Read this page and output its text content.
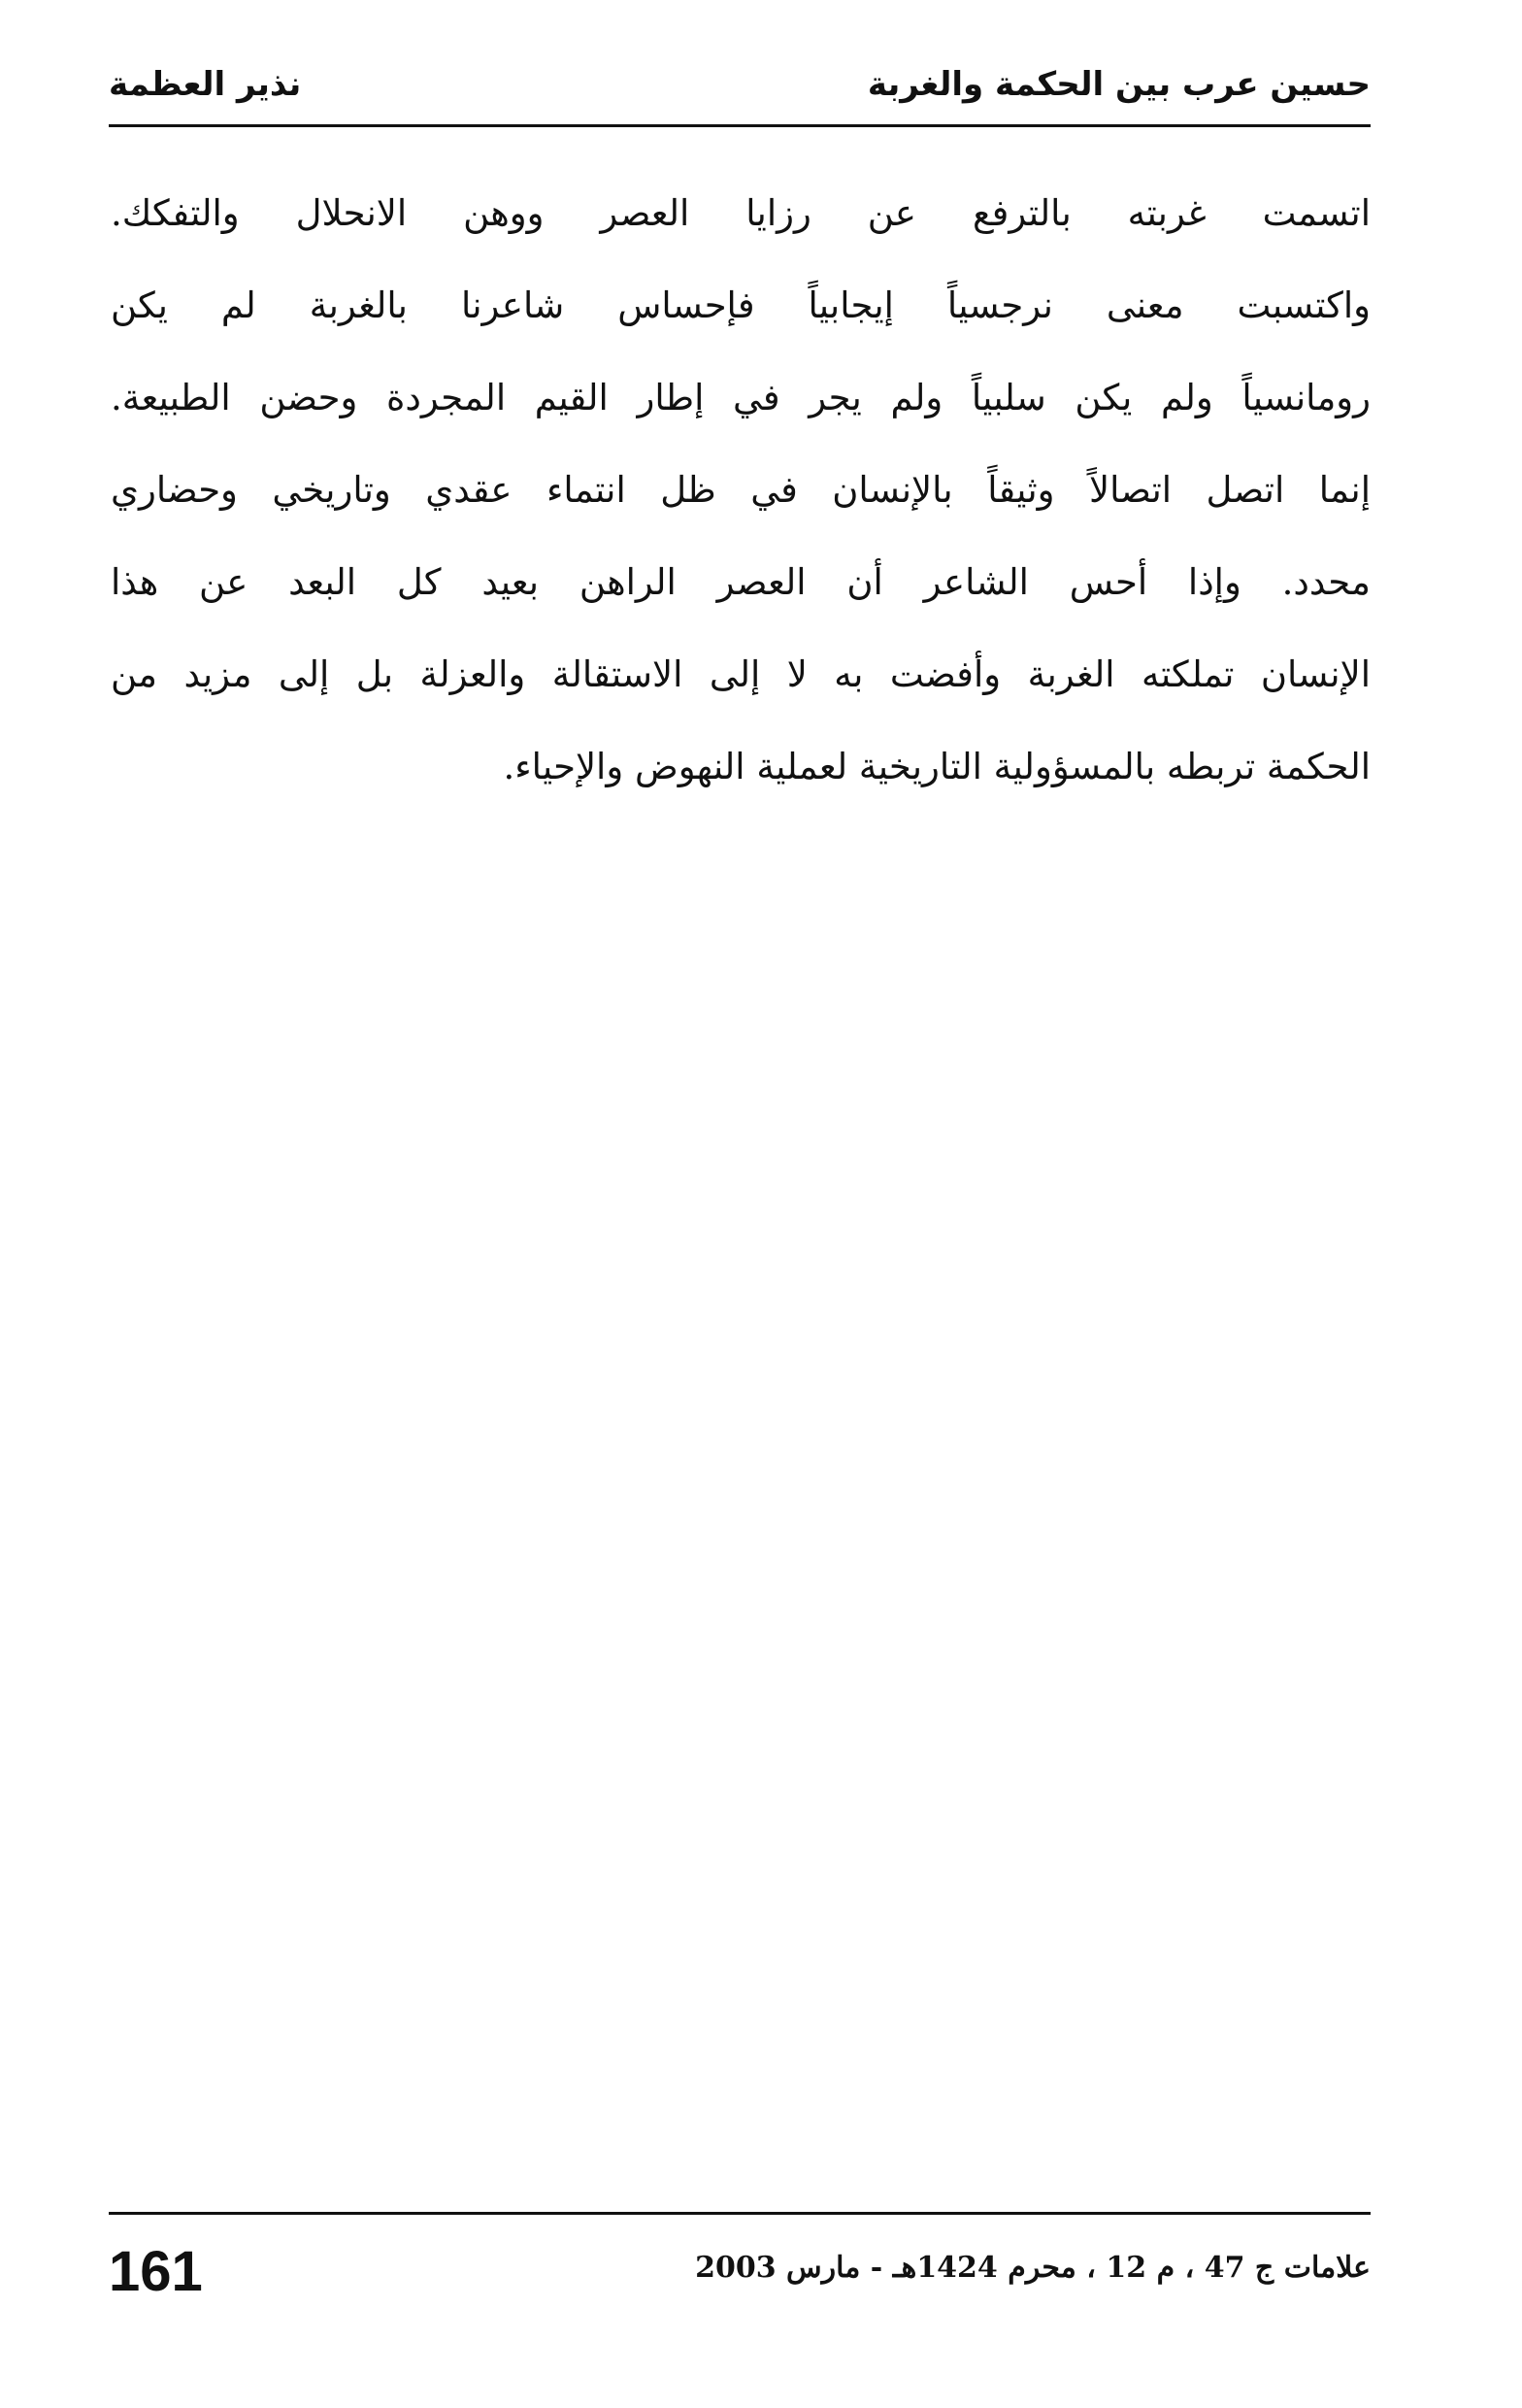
حسين عرب بين الحكمة والغربة
نذير العظمة
اتسمت غربته بالترفع عن رزايا العصر ووهن الانحلال والتفكك.
واكتسبت معنى نرجسياً إيجابياً فإحساس شاعرنا بالغربة لم يكن
رومانسياً ولم يكن سلبياً ولم يجر في إطار القيم المجردة وحضن الطبيعة.
إنما اتصل اتصالاً وثيقاً بالإنسان في ظل انتماء عقدي وتاريخي وحضاري
محدد. وإذا أحس الشاعر أن العصر الراهن بعيد كل البعد عن هذا
الإنسان تملكته الغربة وأفضت به لا إلى الاستقالة والعزلة بل إلى مزيد من
الحكمة تربطه بالمسؤولية التاريخية لعملية النهوض والإحياء.
161	علامات ج 47 ، م 12 ، محرم 1424هـ - مارس 2003
